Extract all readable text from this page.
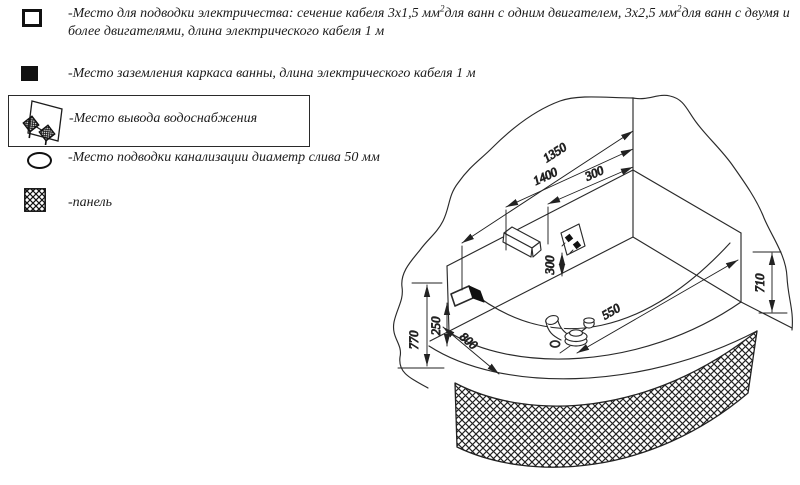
-Место для подводки электричества: сечение кабеля 3х1,5 $мм^2для$ ванн с одним двигателем, 3х2,5 $мм^2для$ ванн с двумя и более двигателями, длина электрического кабеля 1 м
-Место заземления каркаса ванны, длина электрического кабеля 1 м
-Место вывода водоснабжения
-Место подводки канализации диаметр слива 50 мм
-панель
1350
1400 300
300
710
770
250
800
550
